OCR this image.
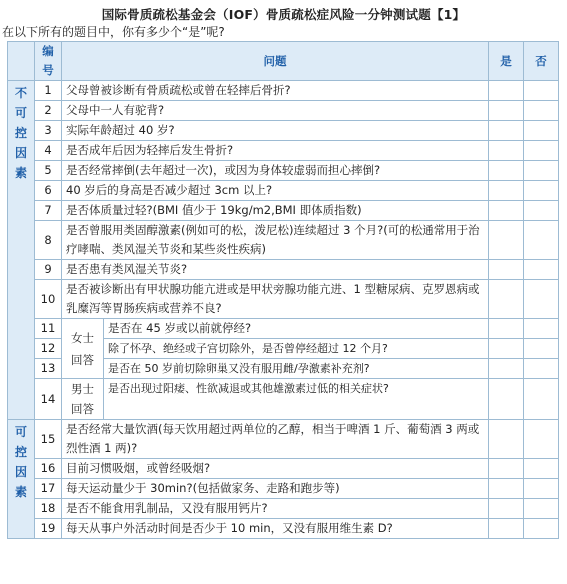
国际骨质疏松基金会（IOF）骨质疏松症风险一分钟测试题【1】
在以下所有的题目中，你有多少个“是”呢?
	编号	问题		是	否

不可控因素	1	父母曾被诊断有骨质疏松或曾在轻摔后骨折?			
	2	父母中一人有驼背?			
	3	实际年龄超过 40 岁?			
	4	是否成年后因为轻摔后发生骨折?			
	5	是否经常摔倒(去年超过一次)，或因为身体较虚弱而担心摔倒?			
	6	40 岁后的身高是否减少超过 3cm 以上?			
	7	是否体质量过轻?(BMI 值少于 19kg/m2,BMI 即体质指数)			
	8	是否曾服用类固醇激素(例如可的松，泼尼松)连续超过 3 个月?(可的松通常用于治疗哮喘、类风湿关节炎和某些炎性疾病)			
	9	是否患有类风湿关节炎?			
	10	是否被诊断出有甲状腺功能亢进或是甲状旁腺功能亢进、1 型糖尿病、克罗恩病或乳糜泻等胃肠疾病或营养不良?			
	11	女士回答	是否在 45 岁或以前就停经?		
	12		除了怀孕、绝经或子宫切除外，是否曾停经超过 12 个月?		
	13		是否在 50 岁前切除卵巢又没有服用雌/孕激素补充剂?		
	14	男士回答	是否出现过阳痿、性欲减退或其他雄激素过低的相关症状?		

可控因素	15	是否经常大量饮酒(每天饮用超过两单位的乙醇，相当于啤酒 1 斤、葡萄酒 3 两或烈性酒 1 两)?			
	16	目前习惯吸烟，或曾经吸烟?			
	17	每天运动量少于 30min?(包括做家务、走路和跑步等)			
	18	是否不能食用乳制品，又没有服用钙片?			
	19	每天从事户外活动时间是否少于 10 min，又没有服用维生素 D?			
